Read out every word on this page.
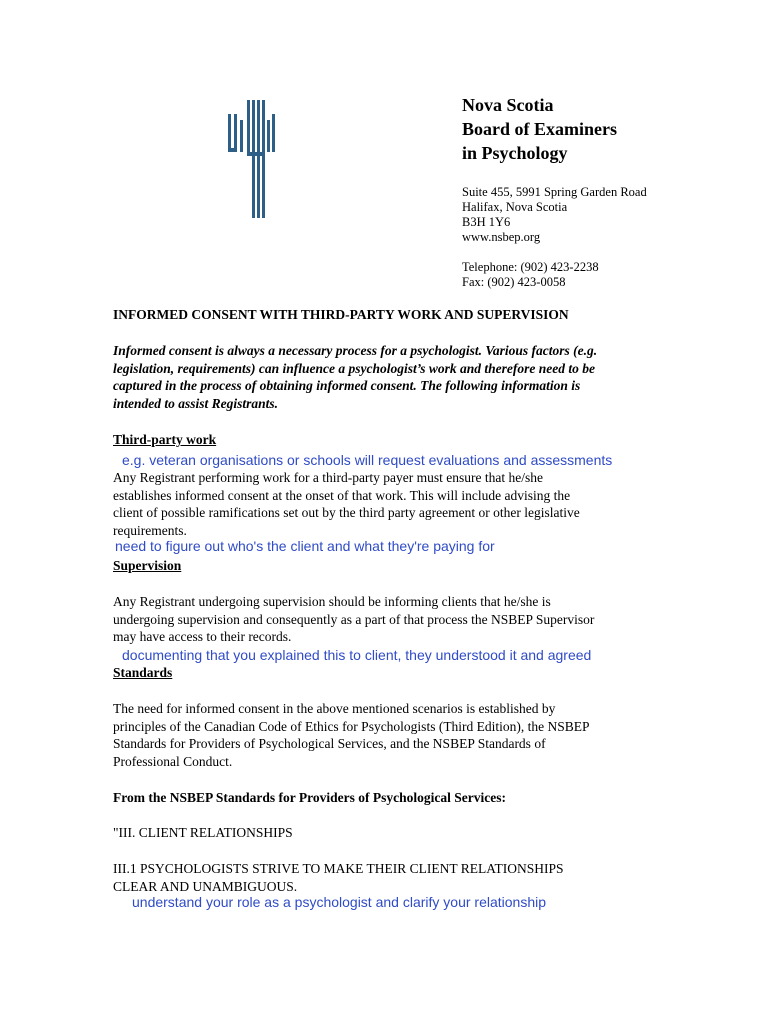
Nova Scotia
Board of Examiners
in Psychology
Suite 455, 5991 Spring Garden Road
Halifax, Nova Scotia
B3H 1Y6
www.nsbep.org
Telephone: (902) 423-2238
Fax: (902) 423-0058
INFORMED CONSENT WITH THIRD-PARTY WORK AND SUPERVISION
Informed consent is always a necessary process for a psychologist. Various factors (e.g.
legislation, requirements) can influence a psychologist’s work and therefore need to be
captured in the process of obtaining informed consent. The following information is
intended to assist Registrants.
Third-party work
e.g. veteran organisations or schools will request evaluations and assessments
Any Registrant performing work for a third-party payer must ensure that he/she
establishes informed consent at the onset of that work. This will include advising the
client of possible ramifications set out by the third party agreement or other legislative
requirements.
need to figure out who's the client and what they're paying for
Supervision
Any Registrant undergoing supervision should be informing clients that he/she is
undergoing supervision and consequently as a part of that process the NSBEP Supervisor
may have access to their records.
documenting that you explained this to client, they understood it and agreed
Standards
The need for informed consent in the above mentioned scenarios is established by
principles of the Canadian Code of Ethics for Psychologists (Third Edition), the NSBEP
Standards for Providers of Psychological Services, and the NSBEP Standards of
Professional Conduct.
From the NSBEP Standards for Providers of Psychological Services:
"III. CLIENT RELATIONSHIPS
III.1 PSYCHOLOGISTS STRIVE TO MAKE THEIR CLIENT RELATIONSHIPS
CLEAR AND UNAMBIGUOUS.
understand your role as a psychologist and clarify your relationship
